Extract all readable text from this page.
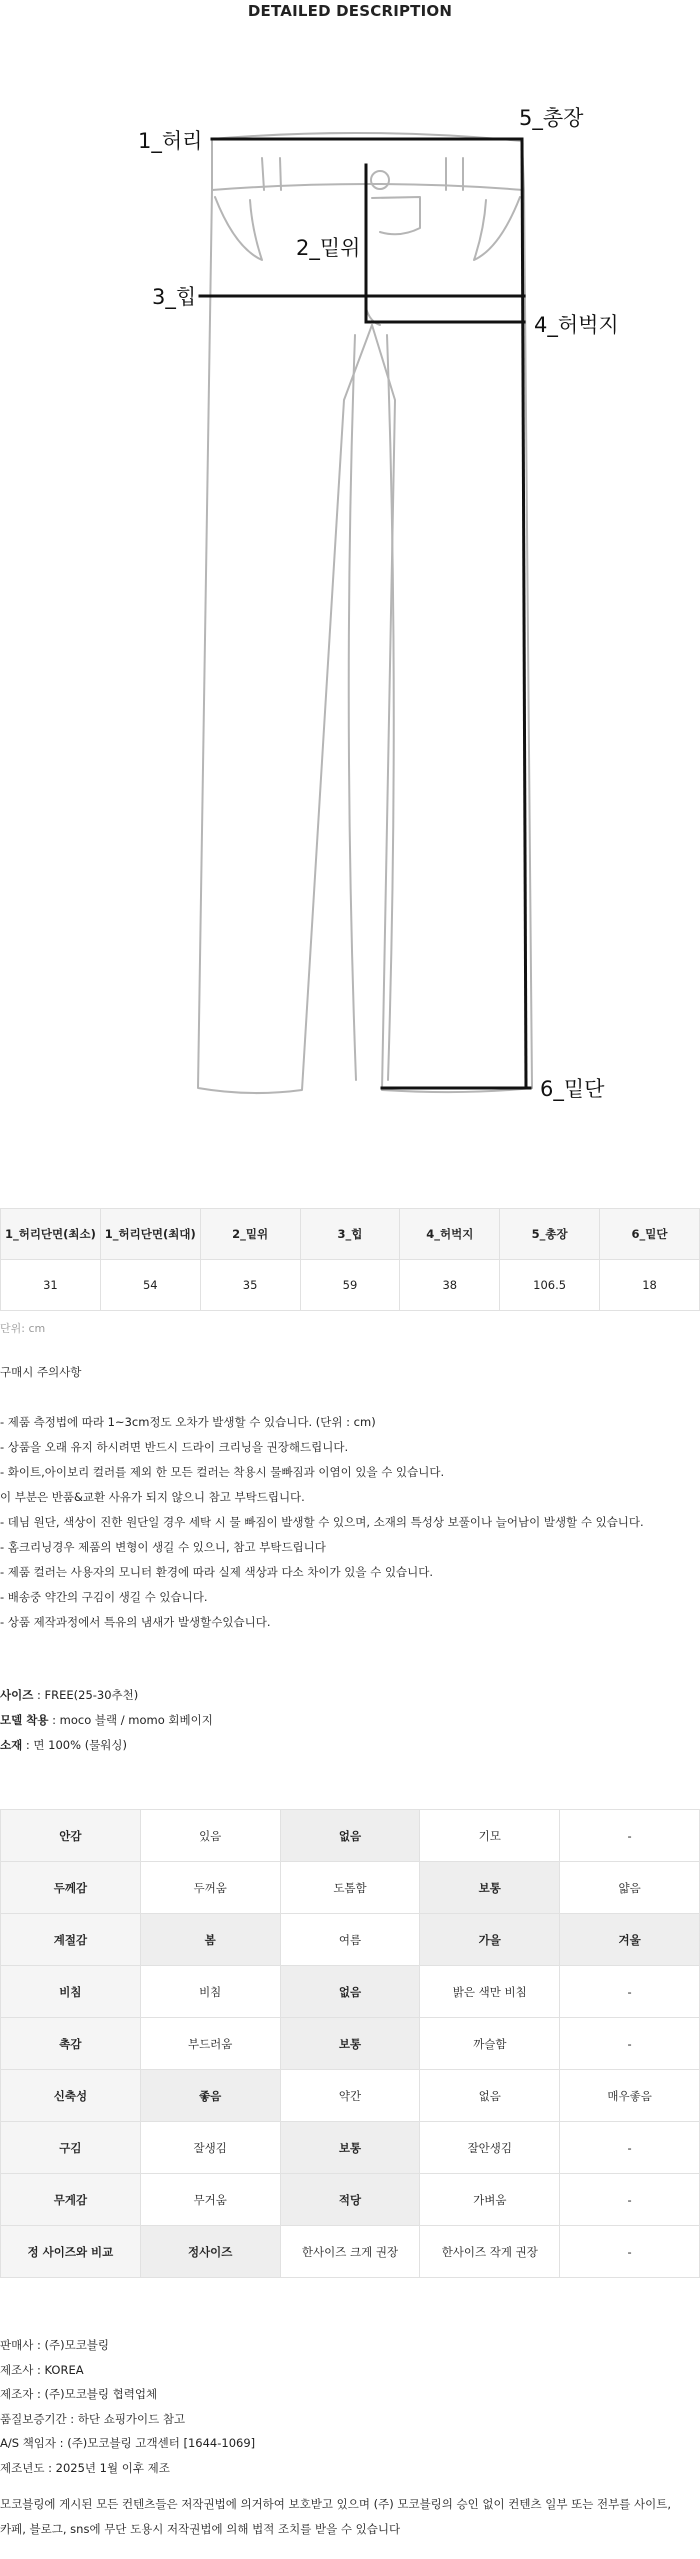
DETAILED DESCRIPTION
1_허리
2_밑위
3_힙
4_허벅지
5_총장
6_밑단
1_허리단면(최소)	1_허리단면(최대)	2_밑위	3_힙	4_허벅지	5_총장	6_밑단
31	54	35	59	38	106.5	18
단위: cm
구매시 주의사항
- 제품 측정법에 따라 1~3cm정도 오차가 발생할 수 있습니다. (단위 : cm)
- 상품을 오래 유지 하시려면 반드시 드라이 크리닝을 권장해드립니다.
- 화이트,아이보리 컬러를 제외 한 모든 컬러는 착용시 물빠짐과 이염이 있을 수 있습니다.
이 부분은 반품&교환 사유가 되지 않으니 참고 부탁드립니다.
- 데님 원단, 색상이 진한 원단일 경우 세탁 시 물 빠짐이 발생할 수 있으며, 소재의 특성상 보풀이나 늘어남이 발생할 수 있습니다.
- 홈크리닝경우 제품의 변형이 생길 수 있으니, 참고 부탁드립니다
- 제품 컬러는 사용자의 모니터 환경에 따라 실제 색상과 다소 차이가 있을 수 있습니다.
- 배송중 약간의 구김이 생길 수 있습니다.
- 상품 제작과정에서 특유의 냄새가 발생할수있습니다.
사이즈 : FREE(25-30추천)
모델 착용 : moco 블랙 / momo 회베이지
소재 : 면 100% (물워싱)
안감	있음	없음	기모	-
두께감	두꺼움	도톰함	보통	얇음
계절감	봄	여름	가을	겨울
비침	비침	없음	밝은 색만 비침	-
촉감	부드러움	보통	까슬함	-
신축성	좋음	약간	없음	매우좋음
구김	잘생김	보통	잘안생김	-
무게감	무거움	적당	가벼움	-
정 사이즈와 비교	정사이즈	한사이즈 크게 권장	한사이즈 작게 권장	-
판매사 : (주)모코블링
제조사 : KOREA
제조자 : (주)모코블링 협력업체
품질보증기간 : 하단 쇼핑가이드 참고
A/S 책임자 : (주)모코블링 고객센터 [1644-1069]
제조년도 : 2025년 1월 이후 제조
모코블링에 게시된 모든 컨텐츠들은 저작권법에 의거하여 보호받고 있으며 (주) 모코블링의 승인 없이 컨텐츠 일부 또는 전부를 사이트,
카페, 블로그, sns에 무단 도용시 저작권법에 의해 법적 조치를 받을 수 있습니다
